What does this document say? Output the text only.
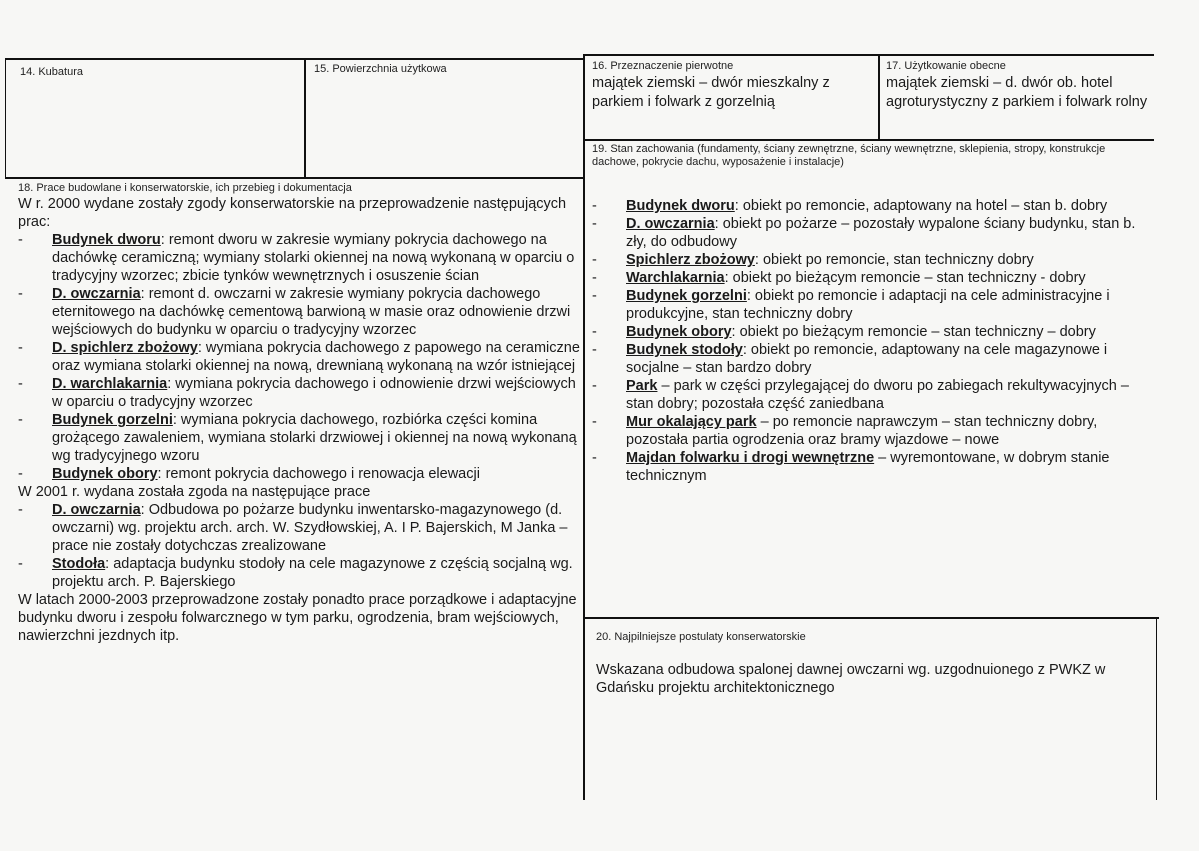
14. Kubatura	15. Powierzchnia użytkowa	16. Przeznaczenie pierwotne
majątek ziemski – dwór mieszkalny z parkiem i folwark z gorzelnią
17. Użytkowanie obecne
majątek ziemski – d. dwór ob. hotel agroturystyczny z parkiem i folwark rolny
18. Prace budowlane i konserwatorskie, ich przebieg i dokumentacja
W r. 2000 wydane zostały zgody konserwatorskie na przeprowadzenie następujących prac:

- Budynek dworu: remont dworu w zakresie wymiany pokrycia dachowego na dachówkę ceramiczną; wymiany stolarki okiennej na nową wykonaną w oparciu o tradycyjny wzorzec; zbicie tynków wewnętrznych i osuszenie ścian

- D. owczarnia: remont d. owczarni w zakresie wymiany pokrycia dachowego eternitowego na dachówkę cementową barwioną w masie oraz odnowienie drzwi wejściowych do budynku w oparciu o tradycyjny wzorzec

- D. spichlerz zbożowy: wymiana pokrycia dachowego z papowego na ceramiczne oraz wymiana stolarki okiennej na nową, drewnianą wykonaną na wzór istniejącej

- D. warchlakarnia: wymiana pokrycia dachowego i odnowienie drzwi wejściowych w oparciu o tradycyjny wzorzec

- Budynek gorzelni: wymiana pokrycia dachowego, rozbiórka części komina grożącego zawaleniem, wymiana stolarki drzwiowej i okiennej na nową wykonaną wg tradycyjnego wzoru

- Budynek obory: remont pokrycia dachowego i renowacja elewacji

W 2001 r. wydana została zgoda na następujące prace

- D. owczarnia: Odbudowa po pożarze budynku inwentarsko-magazynowego (d. owczarni) wg. projektu arch. arch. W. Szydłowskiej, A. I P. Bajerskich, M Janka – prace nie zostały dotychczas zrealizowane

- Stodoła: adaptacja budynku stodoły na cele magazynowe z częścią socjalną wg. projektu arch. P. Bajerskiego

W latach 2000-2003 przeprowadzone zostały ponadto prace porządkowe i adaptacyjne budynku dworu i zespołu folwarcznego w tym parku, ogrodzenia, bram wejściowych, nawierzchni jezdnych itp.
19. Stan zachowania (fundamenty, ściany zewnętrzne, ściany wewnętrzne, sklepienia, stropy, konstrukcje dachowe, pokrycie dachu, wyposażenie i instalacje)

- Budynek dworu: obiekt po remoncie, adaptowany na hotel – stan b. dobry

- D. owczarnia: obiekt po pożarze – pozostały wypalone ściany budynku, stan b. zły, do odbudowy

- Spichlerz zbożowy: obiekt po remoncie, stan techniczny dobry

- Warchlakarnia: obiekt po bieżącym remoncie – stan techniczny - dobry

- Budynek gorzelni: obiekt po remoncie i adaptacji na cele administracyjne i produkcyjne, stan techniczny dobry

- Budynek obory: obiekt po bieżącym remoncie – stan techniczny – dobry

- Budynek stodoły: obiekt po remoncie, adaptowany na cele magazynowe i socjalne – stan bardzo dobry

- Park – park w części przylegającej do dworu po zabiegach rekultywacyjnych – stan dobry; pozostała część zaniedbana

- Mur okalający park – po remoncie naprawczym – stan techniczny dobry, pozostała partia ogrodzenia oraz bramy wjazdowe – nowe

- Majdan folwarku i drogi wewnętrzne – wyremontowane, w dobrym stanie technicznym

20. Najpilniejsze postulaty konserwatorskie
Wskazana odbudowa spalonej dawnej owczarni wg. uzgodnuionego z PWKZ w Gdańsku projektu architektonicznego
